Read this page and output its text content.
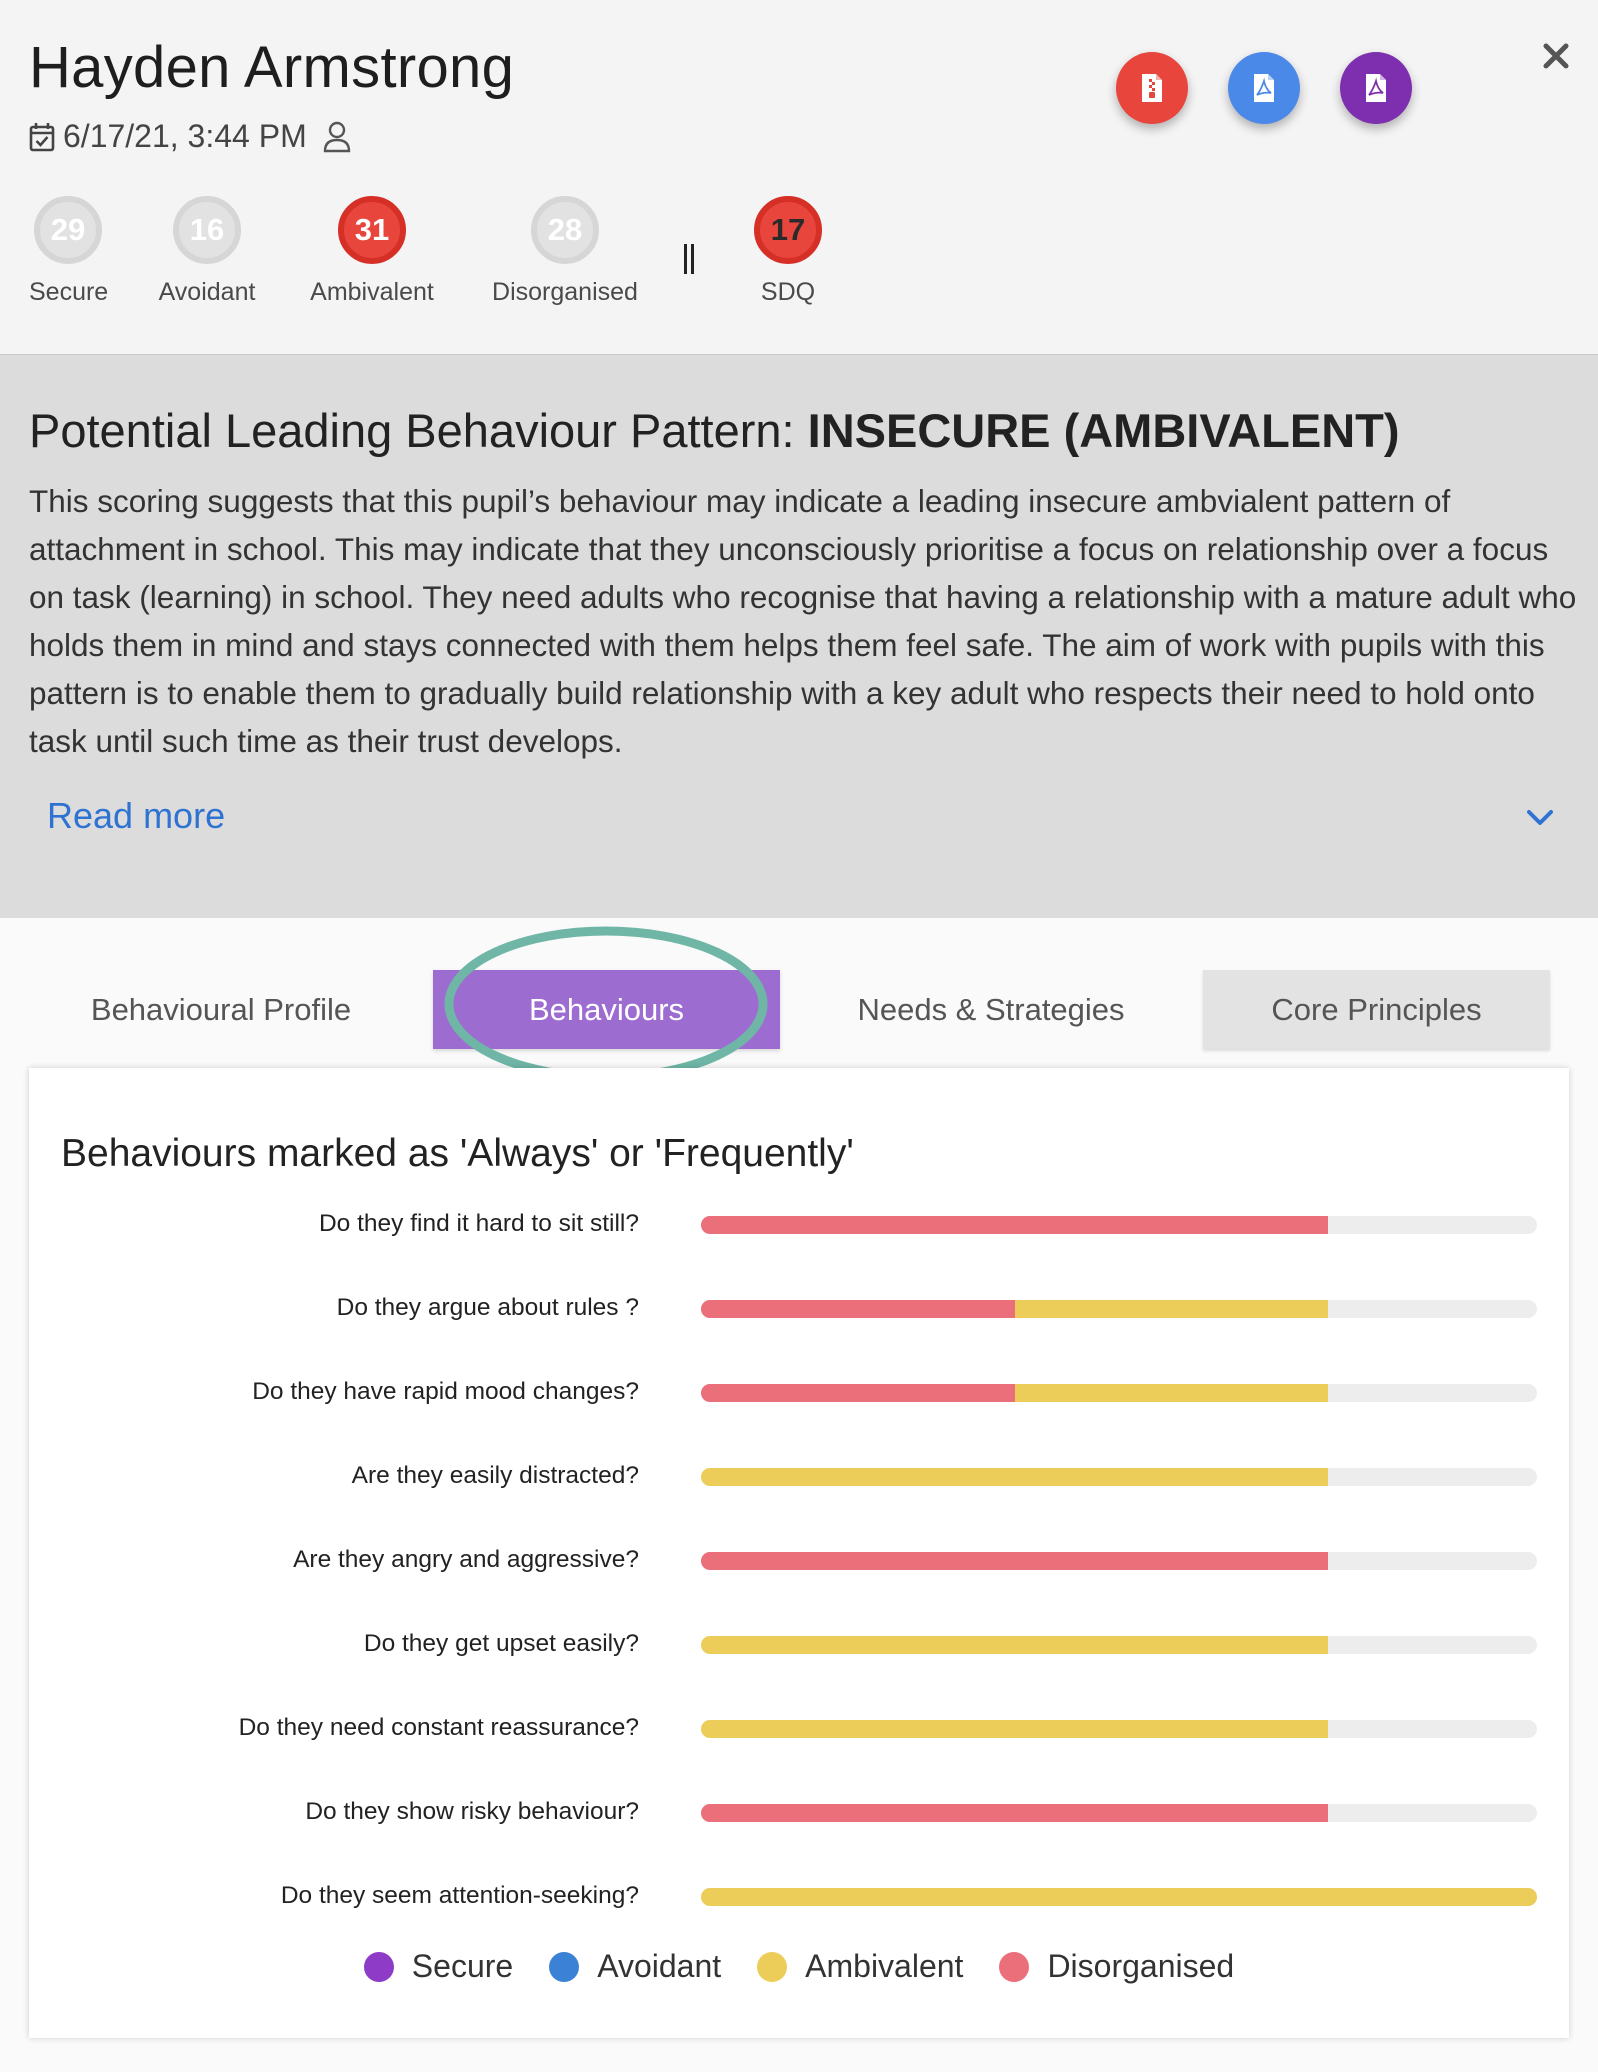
Hayden Armstrong
6/17/21, 3:44 PM
29
Secure
16
Avoidant
31
Ambivalent
28
Disorganised
17
SDQ
Potential Leading Behaviour Pattern: INSECURE (AMBIVALENT)
This scoring suggests that this pupil’s behaviour may indicate a leading insecure ambvialent pattern of attachment in school. This may indicate that they unconsciously prioritise a focus on relationship over a focus on task (learning) in school. They need adults who recognise that having a relationship with a mature adult who holds them in mind and stays connected with them helps them feel safe. The aim of work with pupils with this pattern is to enable them to gradually build relationship with a key adult who respects their need to hold onto task until such time as their trust develops.
Read more
Behavioural Profile	Behaviours	Needs & Strategies	Core Principles
Behaviours marked as 'Always' or 'Frequently'
Do they find it hard to sit still?
Do they argue about rules ?
Do they have rapid mood changes?
Are they easily distracted?
Are they angry and aggressive?
Do they get upset easily?
Do they need constant reassurance?
Do they show risky behaviour?
Do they seem attention-seeking?
Secure	Avoidant	Ambivalent	Disorganised
